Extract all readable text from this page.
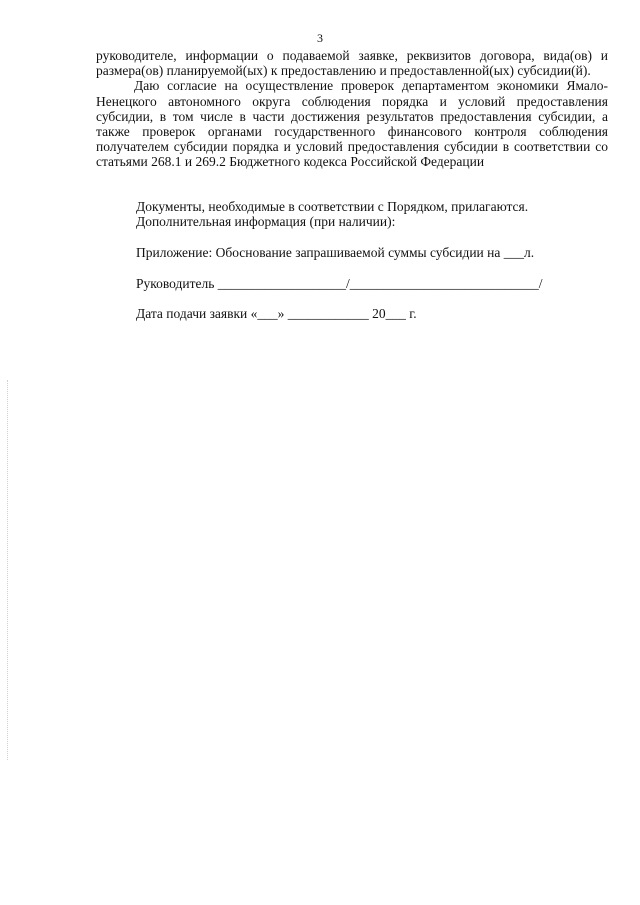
3

руководителе, информации о подаваемой заявке, реквизитов договора, вида(ов) и размера(ов) планируемой(ых) к предоставлению и предоставленной(ых) субсидии(й).

Даю согласие на осуществление проверок департаментом экономики Ямало-Ненецкого автономного округа соблюдения порядка и условий предоставления субсидии, в том числе в части достижения результатов предоставления субсидии, а также проверок органами государственного финансового контроля соблюдения получателем субсидии порядка и условий предоставления субсидии в соответствии со статьями 268.1 и 269.2 Бюджетного кодекса Российской Федерации

Документы, необходимые в соответствии с Порядком, прилагаются.
Дополнительная информация (при наличии):
Приложение: Обоснование запрашиваемой суммы субсидии на ___л.
Руководитель ___________________/____________________________/
Дата подачи заявки «___» ____________ 20___ г.
